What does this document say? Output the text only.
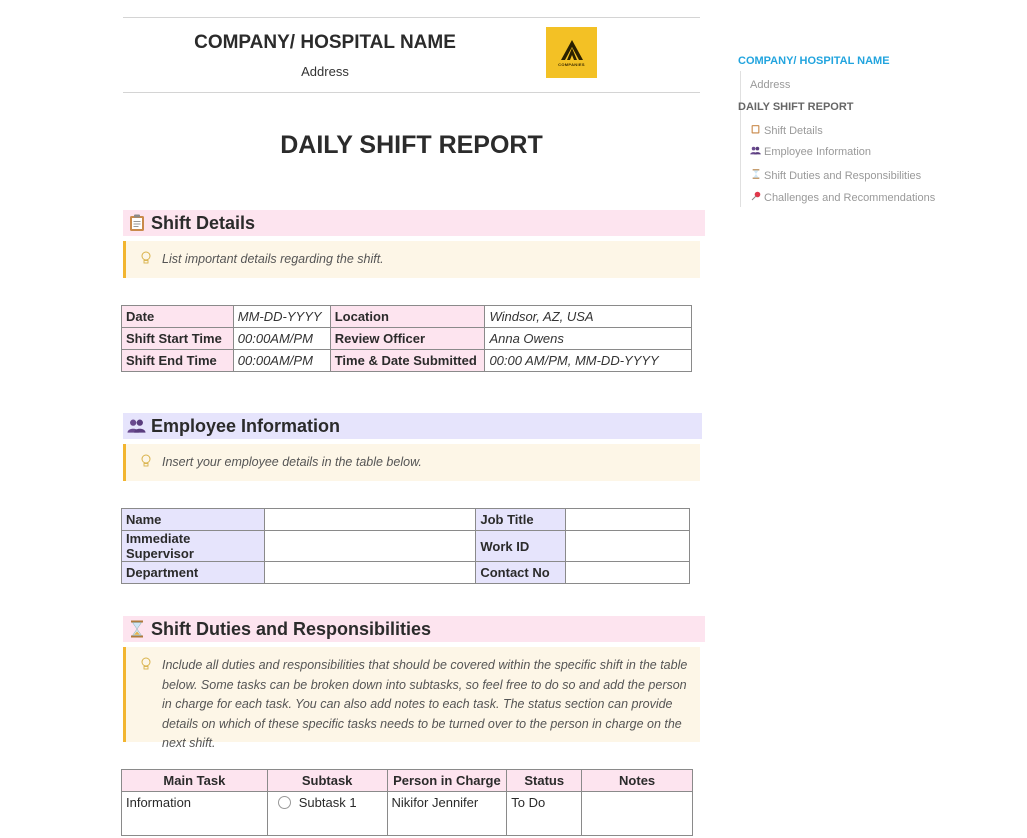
COMPANY/ HOSPITAL NAME
Address	COMPANIES
DAILY SHIFT REPORT
Shift Details
List important details regarding the shift.
Date	MM-DD-YYYY	Location	Windsor, AZ, USA
Shift Start Time	00:00AM/PM	Review Officer	Anna Owens
Shift End Time	00:00AM/PM	Time & Date Submitted	00:00 AM/PM, MM-DD-YYYY
Employee Information
Insert your employee details in the table below.
Name		Job Title	
Immediate Supervisor		Work ID	
Department		Contact No	
Shift Duties and Responsibilities
Include all duties and responsibilities that should be covered within the specific shift in the table below. Some tasks can be broken down into subtasks, so feel free to do so and add the person in charge for each task. You can also add notes to each task. The status section can provide details on which of these specific tasks needs to be turned over to the person in charge on the next shift.
Main Task	Subtask	Person in Charge	Status	Notes
Information	Subtask 1	Nikifor Jennifer	To Do	
COMPANY/ HOSPITAL NAME
Address
DAILY SHIFT REPORT
Shift Details
Employee Information
Shift Duties and Responsibilities
Challenges and Recommendations
